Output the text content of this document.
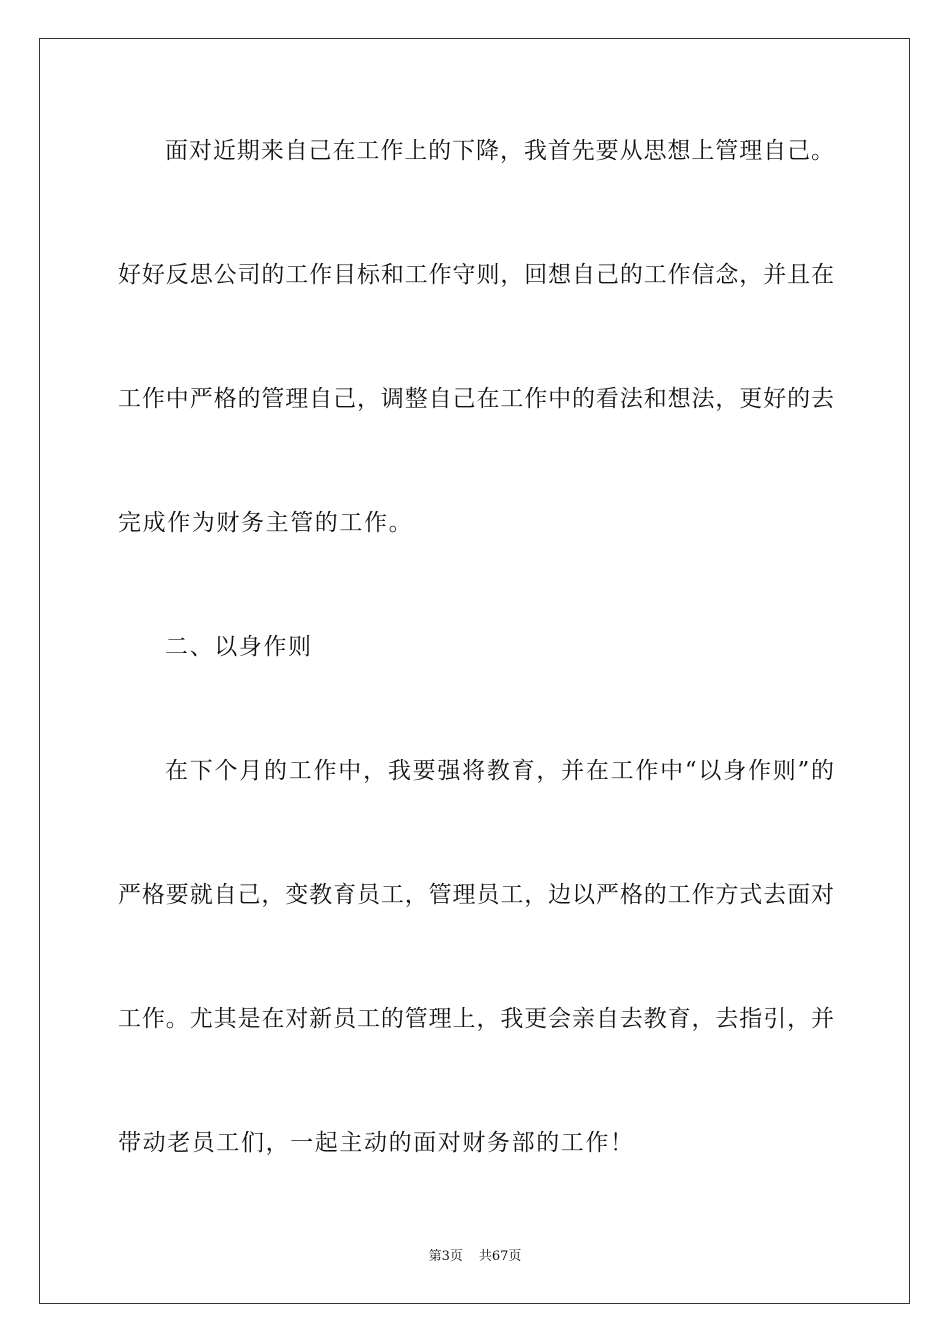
面对近期来自己在工作上的下降，我首先要从思想上管理自己。
好好反思公司的工作目标和工作守则，回想自己的工作信念，并且在
工作中严格的管理自己，调整自己在工作中的看法和想法，更好的去
完成作为财务主管的工作。
二、以身作则
在下个月的工作中，我要强将教育，并在工作中“以身作则”的
严格要就自己，变教育员工，管理员工，边以严格的工作方式去面对
工作。尤其是在对新员工的管理上，我更会亲自去教育，去指引，并
带动老员工们，一起主动的面对财务部的工作！
第3页 共67页
